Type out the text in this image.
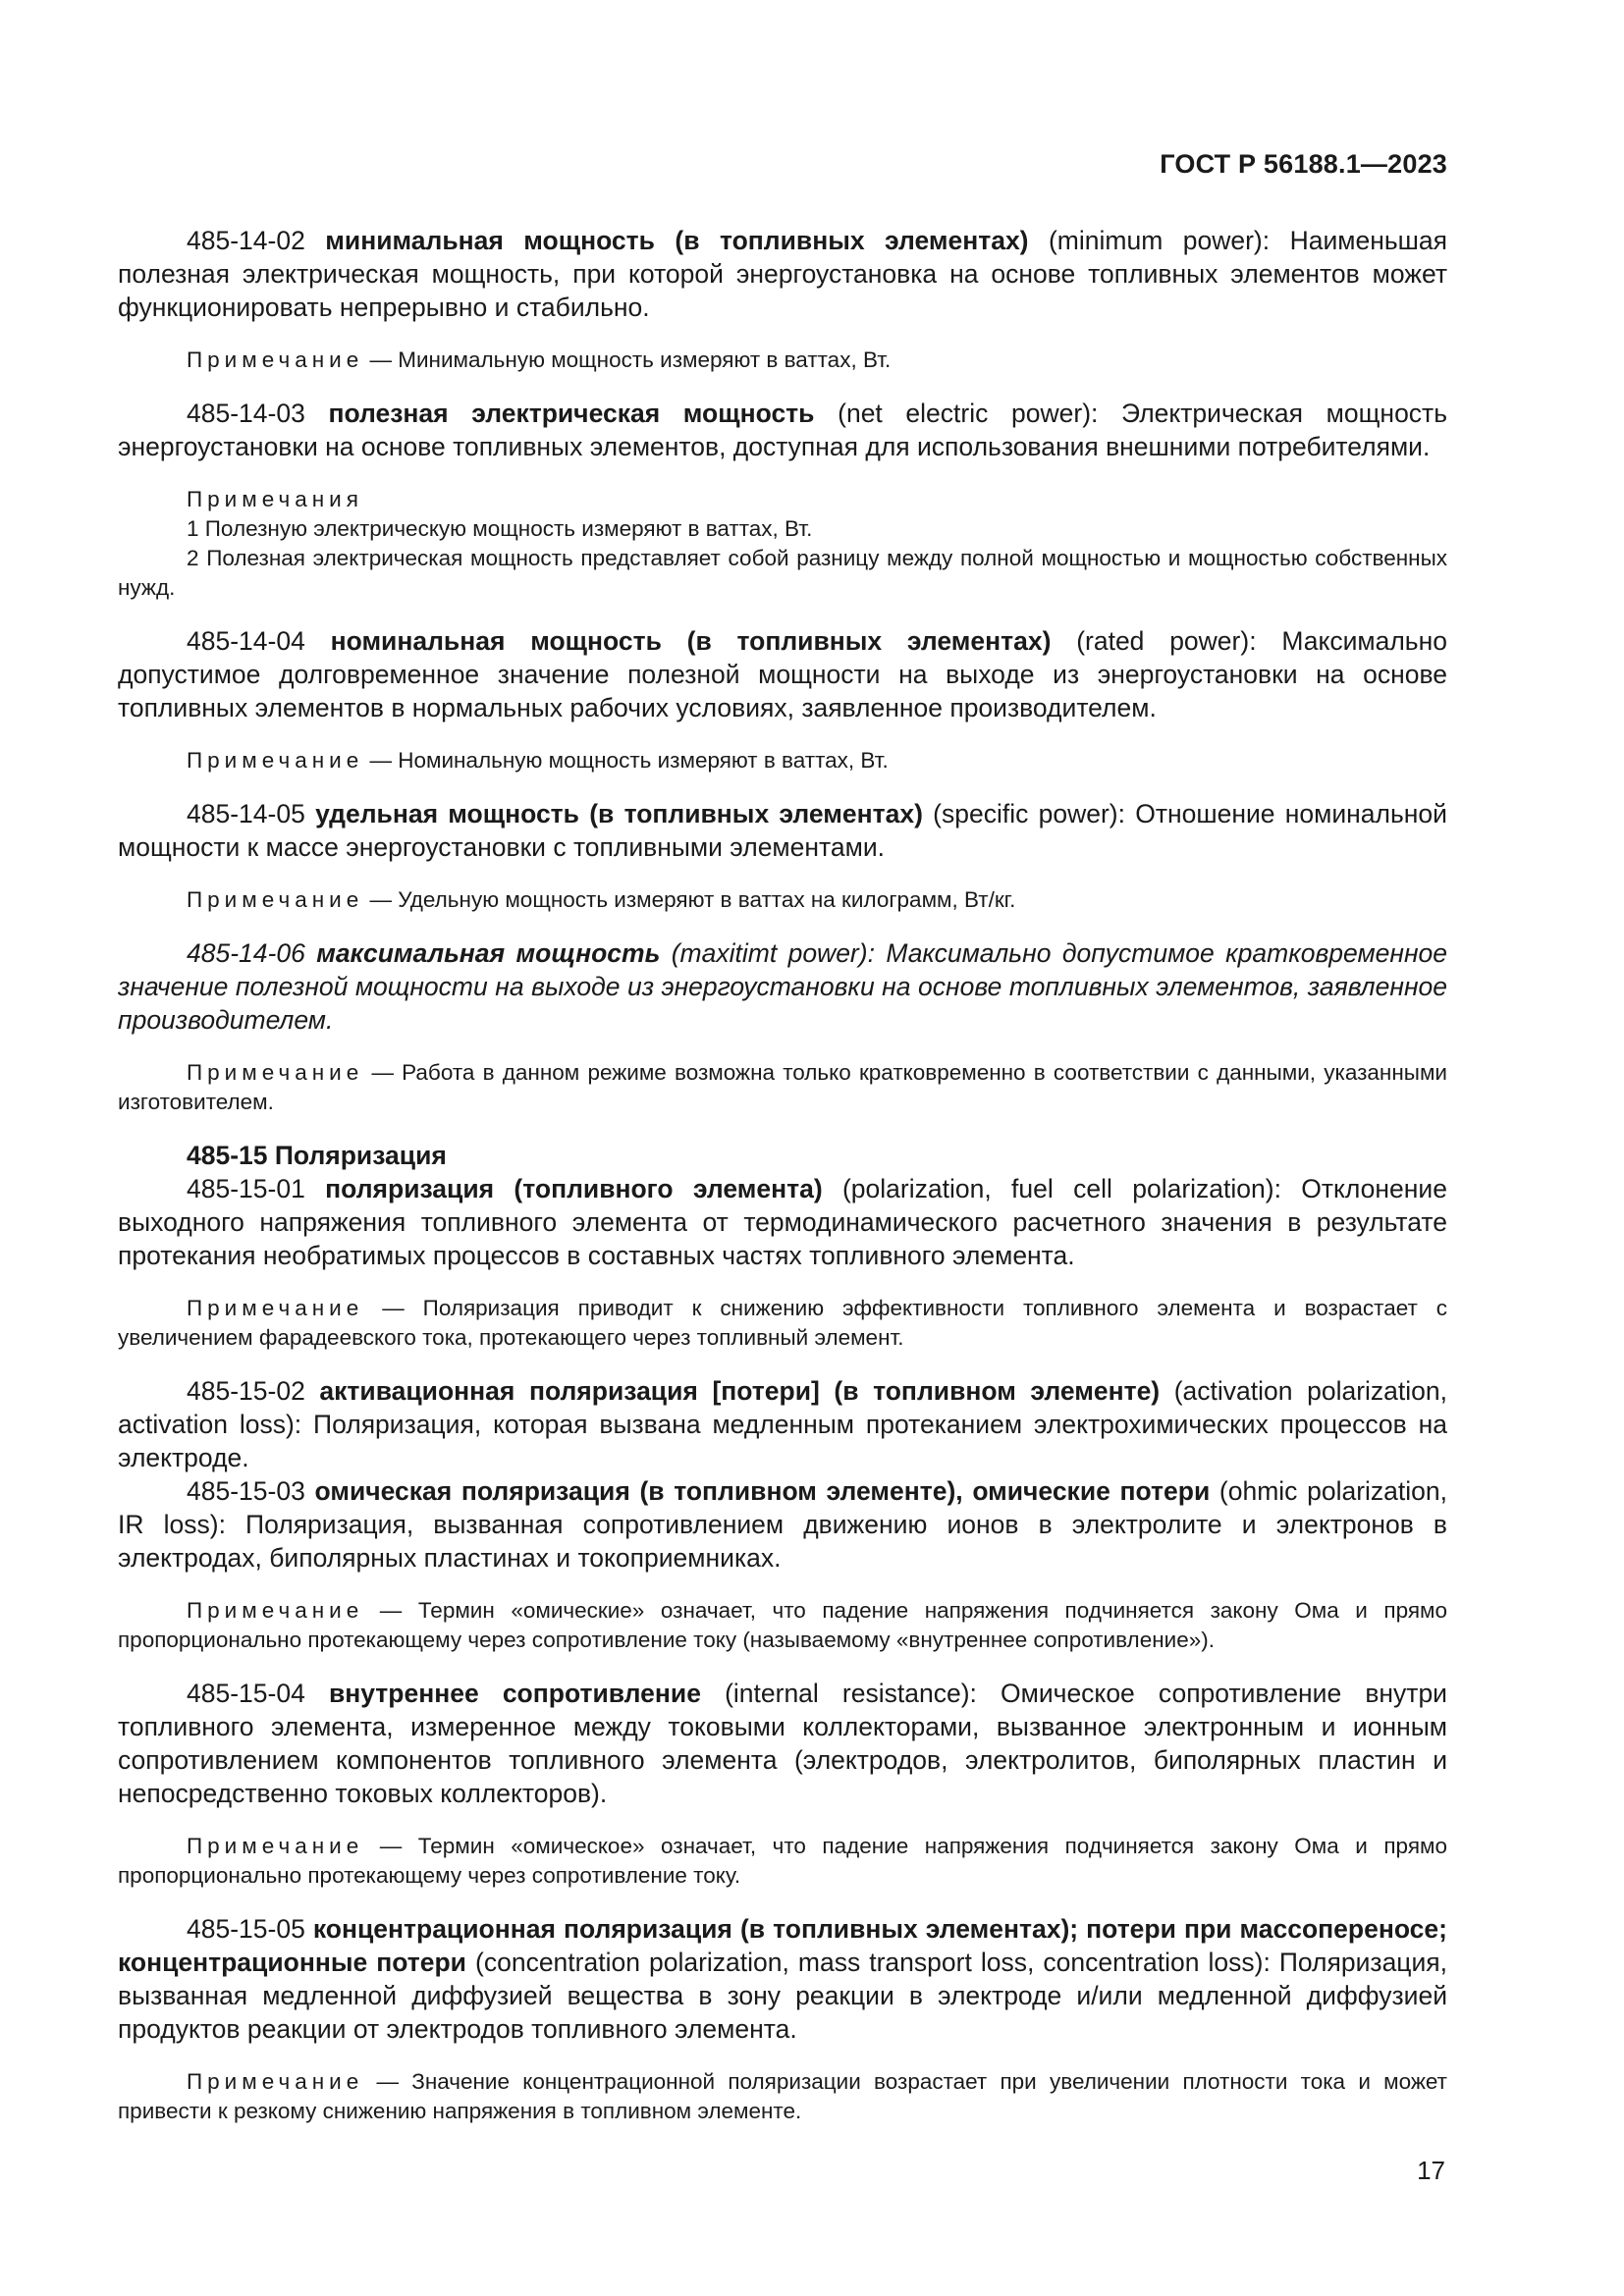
ГОСТ Р 56188.1—2023

485-14-02 минимальная мощность (в топливных элементах) (minimum power): Наименьшая полезная электрическая мощность, при которой энергоустановка на основе топливных элементов может функционировать непрерывно и стабильно.

Примечание — Минимальную мощность измеряют в ваттах, Вт.

485-14-03 полезная электрическая мощность (net electric power): Электрическая мощность энергоустановки на основе топливных элементов, доступная для использования внешними потребителями.

Примечания

1 Полезную электрическую мощность измеряют в ваттах, Вт.

2 Полезная электрическая мощность представляет собой разницу между полной мощностью и мощностью собственных нужд.

485-14-04 номинальная мощность (в топливных элементах) (rated power): Максимально допустимое долговременное значение полезной мощности на выходе из энергоустановки на основе топливных элементов в нормальных рабочих условиях, заявленное производителем.

Примечание — Номинальную мощность измеряют в ваттах, Вт.

485-14-05 удельная мощность (в топливных элементах) (specific power): Отношение номинальной мощности к массе энергоустановки с топливными элементами.

Примечание — Удельную мощность измеряют в ваттах на килограмм, Вт/кг.

485-14-06 максимальная мощность (maxitimt power): Максимально допустимое кратковременное значение полезной мощности на выходе из энергоустановки на основе топливных элементов, заявленное производителем.

Примечание — Работа в данном режиме возможна только кратковременно в соответствии с данными, указанными изготовителем.

485-15 Поляризация

485-15-01 поляризация (топливного элемента) (polarization, fuel cell polarization): Отклонение выходного напряжения топливного элемента от термодинамического расчетного значения в результате протекания необратимых процессов в составных частях топливного элемента.

Примечание — Поляризация приводит к снижению эффективности топливного элемента и возрастает с увеличением фарадеевского тока, протекающего через топливный элемент.

485-15-02 активационная поляризация [потери] (в топливном элементе) (activation polarization, activation loss): Поляризация, которая вызвана медленным протеканием электрохимических процессов на электроде.

485-15-03 омическая поляризация (в топливном элементе), омические потери (ohmic polarization, IR loss): Поляризация, вызванная сопротивлением движению ионов в электролите и электронов в электродах, биполярных пластинах и токоприемниках.

Примечание — Термин «омические» означает, что падение напряжения подчиняется закону Ома и прямо пропорционально протекающему через сопротивление току (называемому «внутреннее сопротивление»).

485-15-04 внутреннее сопротивление (internal resistance): Омическое сопротивление внутри топливного элемента, измеренное между токовыми коллекторами, вызванное электронным и ионным сопротивлением компонентов топливного элемента (электродов, электролитов, биполярных пластин и непосредственно токовых коллекторов).

Примечание — Термин «омическое» означает, что падение напряжения подчиняется закону Ома и прямо пропорционально протекающему через сопротивление току.

485-15-05 концентрационная поляризация (в топливных элементах); потери при массопереносе; концентрационные потери (concentration polarization, mass transport loss, concentration loss): Поляризация, вызванная медленной диффузией вещества в зону реакции в электроде и/или медленной диффузией продуктов реакции от электродов топливного элемента.

Примечание — Значение концентрационной поляризации возрастает при увеличении плотности тока и может привести к резкому снижению напряжения в топливном элементе.

17
